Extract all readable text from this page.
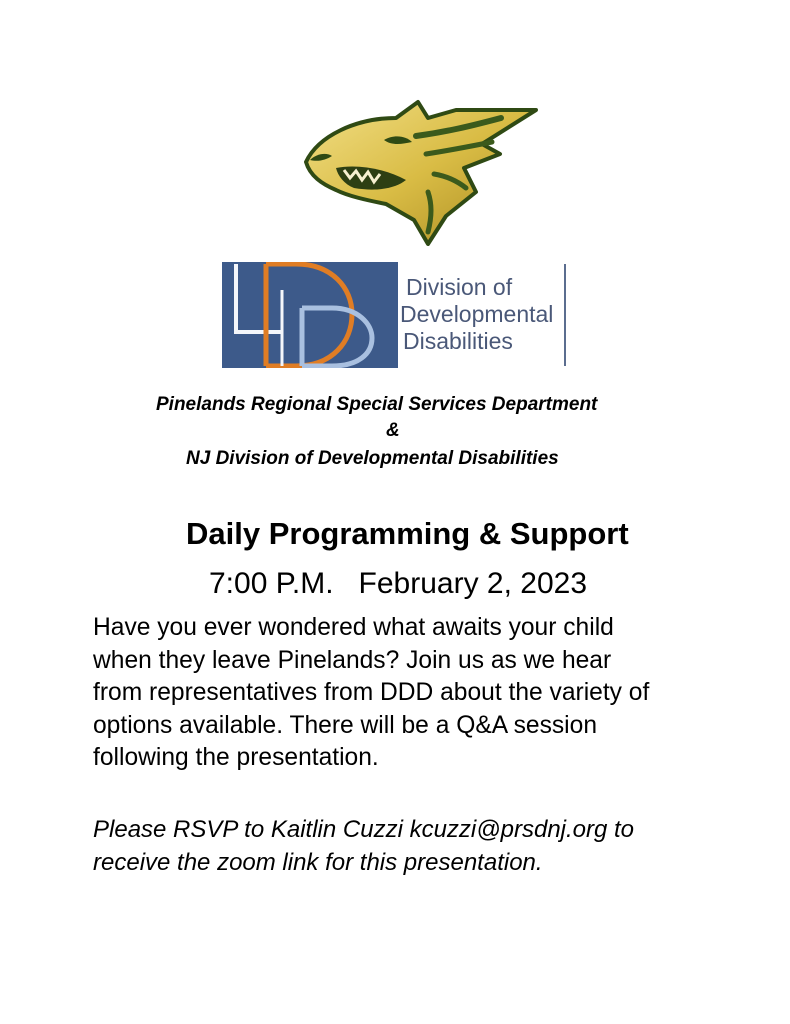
Division of
Developmental
Disabilities
Pinelands Regional Special Services Department
&
NJ Division of Developmental Disabilities
Daily Programming & Support
7:00 P.M.   February 2, 2023
Have you ever wondered what awaits your child
when they leave Pinelands? Join us as we hear
from representatives from DDD about the variety of
options available. There will be a Q&A session
following the presentation.
Please RSVP to Kaitlin Cuzzi kcuzzi@prsdnj.org to
receive the zoom link for this presentation.
